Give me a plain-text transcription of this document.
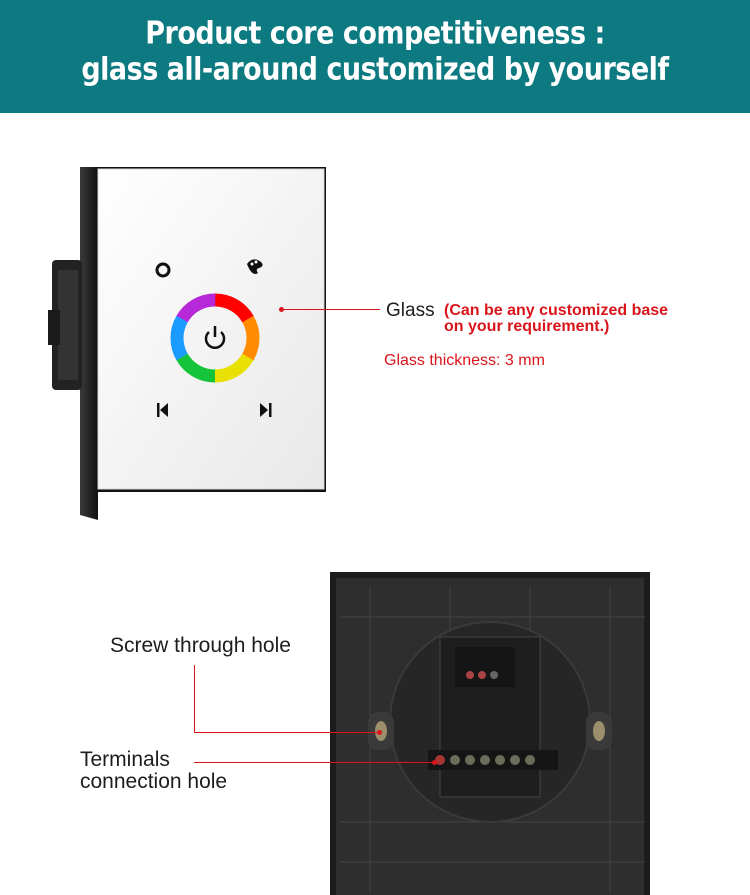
Product core competitiveness :
glass all-around customized by yourself
Glass (Can be any customized base
on your requirement.)
Glass thickness: 3 mm
Screw through hole
Terminals
connection hole
